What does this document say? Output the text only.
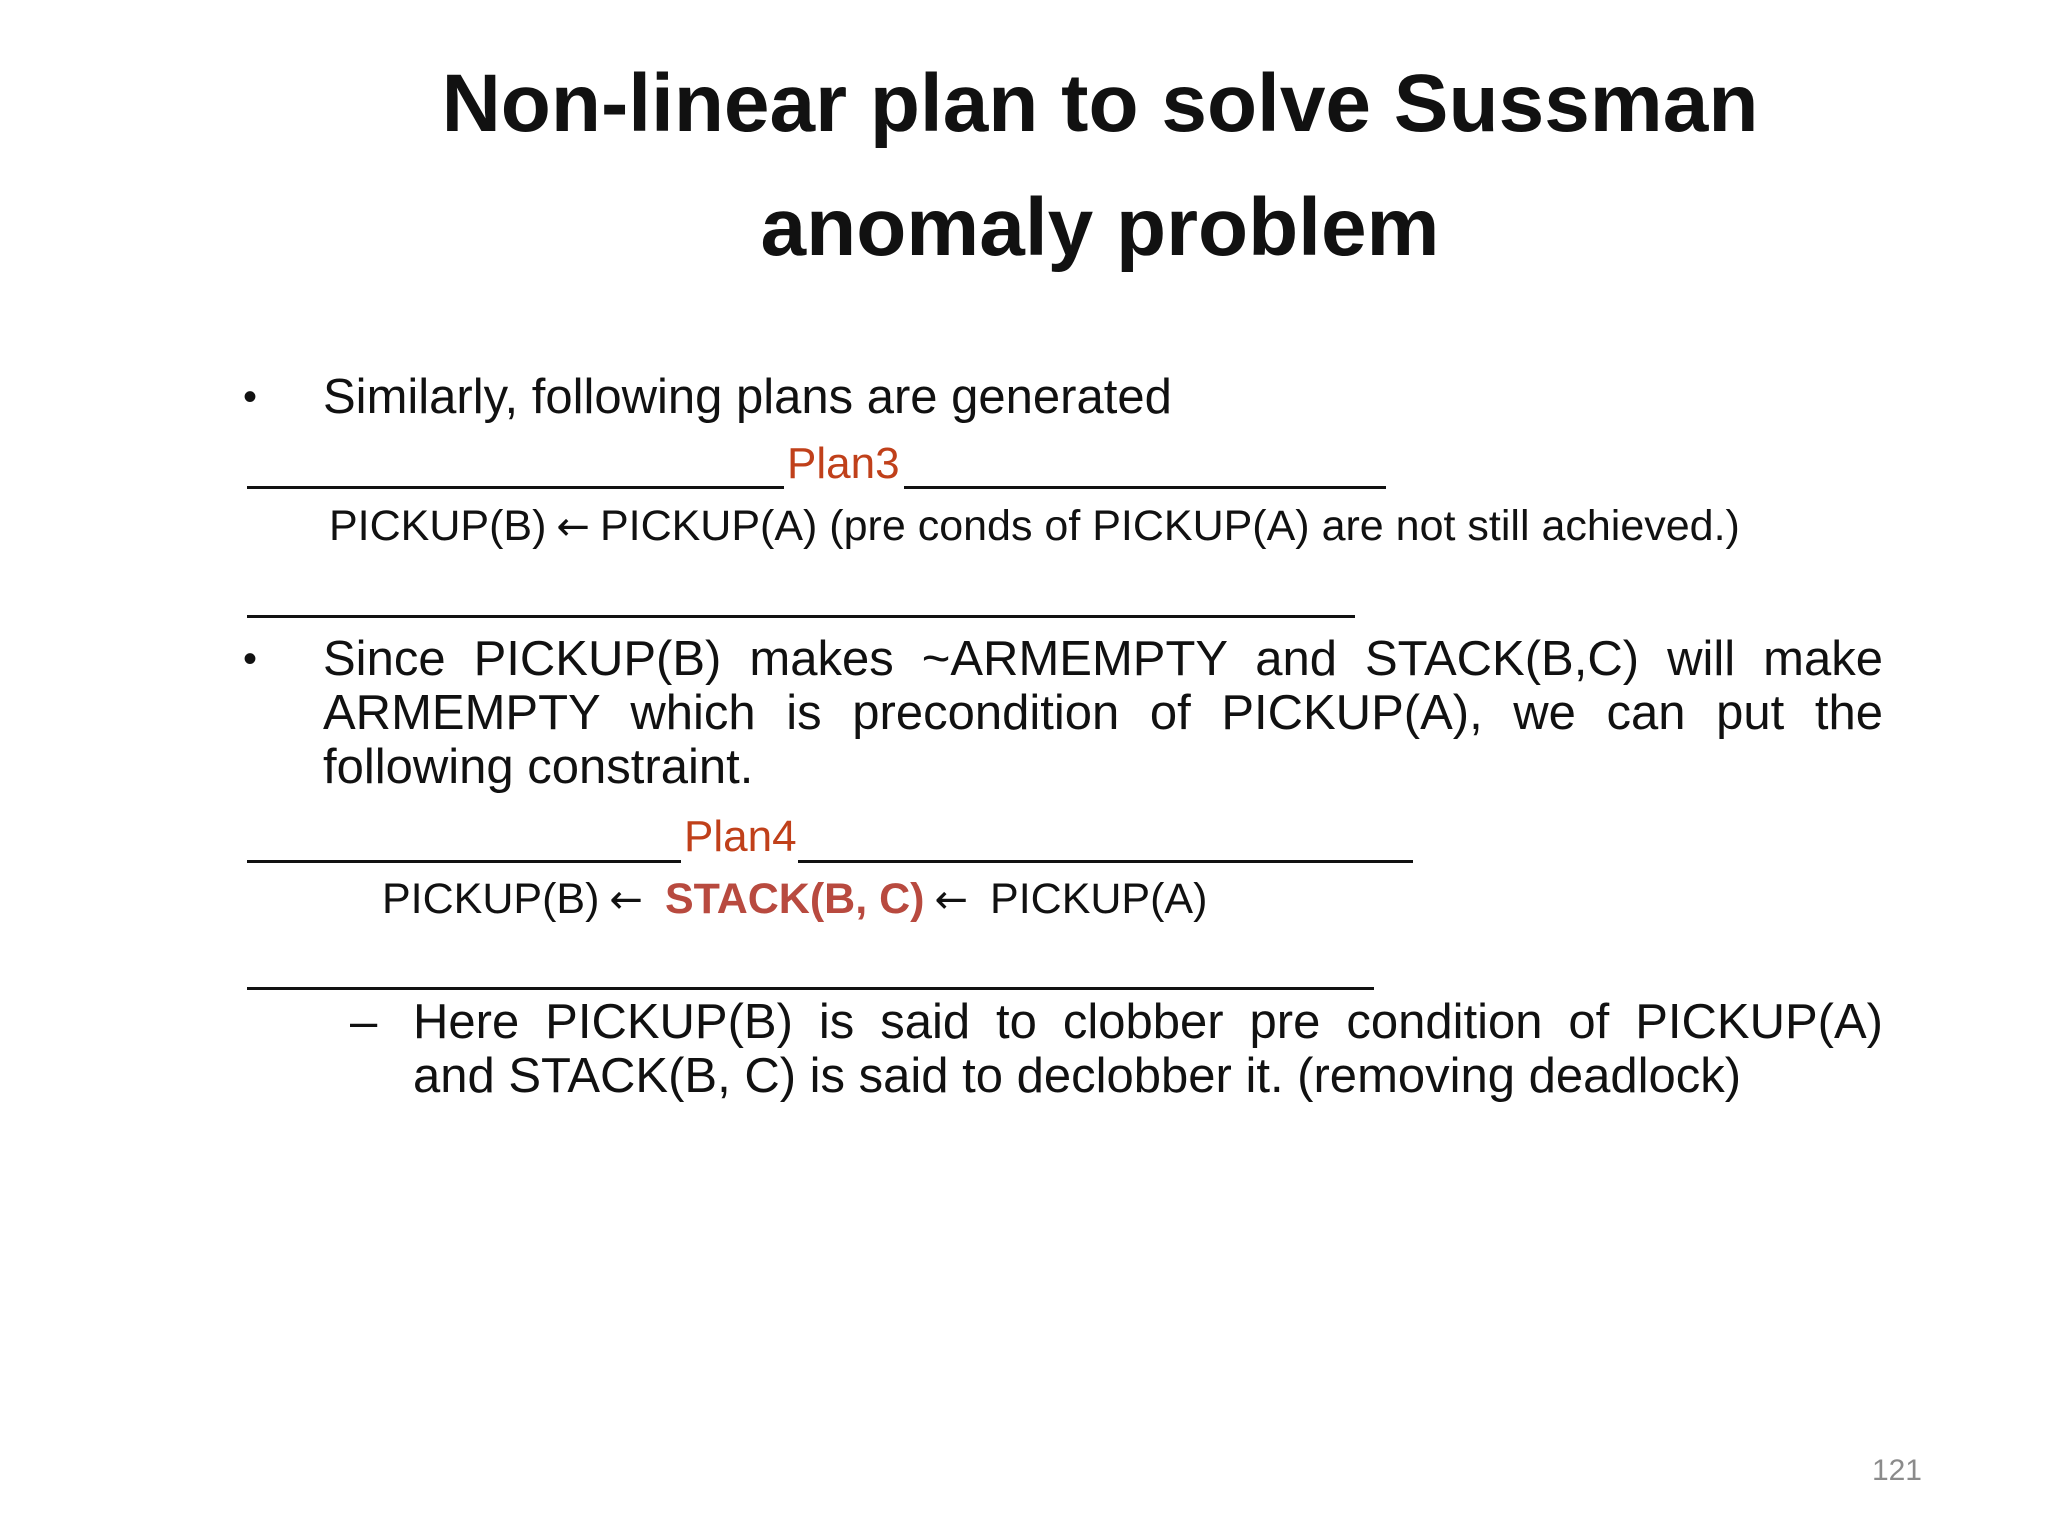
Non-linear plan to solve Sussman
anomaly problem
•	Similarly, following plans are generated
Plan3
PICKUP(B) ← PICKUP(A) (pre conds of PICKUP(A) are not still achieved.)
•	Since PICKUP(B) makes ~ARMEMPTY and STACK(B,C) will make
ARMEMPTY which is precondition of PICKUP(A), we can put the
following constraint.
Plan4
PICKUP(B) ← STACK(B, C) ← PICKUP(A)
– Here PICKUP(B) is said to clobber pre condition of PICKUP(A)
and STACK(B, C) is said to declobber it. (removing deadlock)
121
